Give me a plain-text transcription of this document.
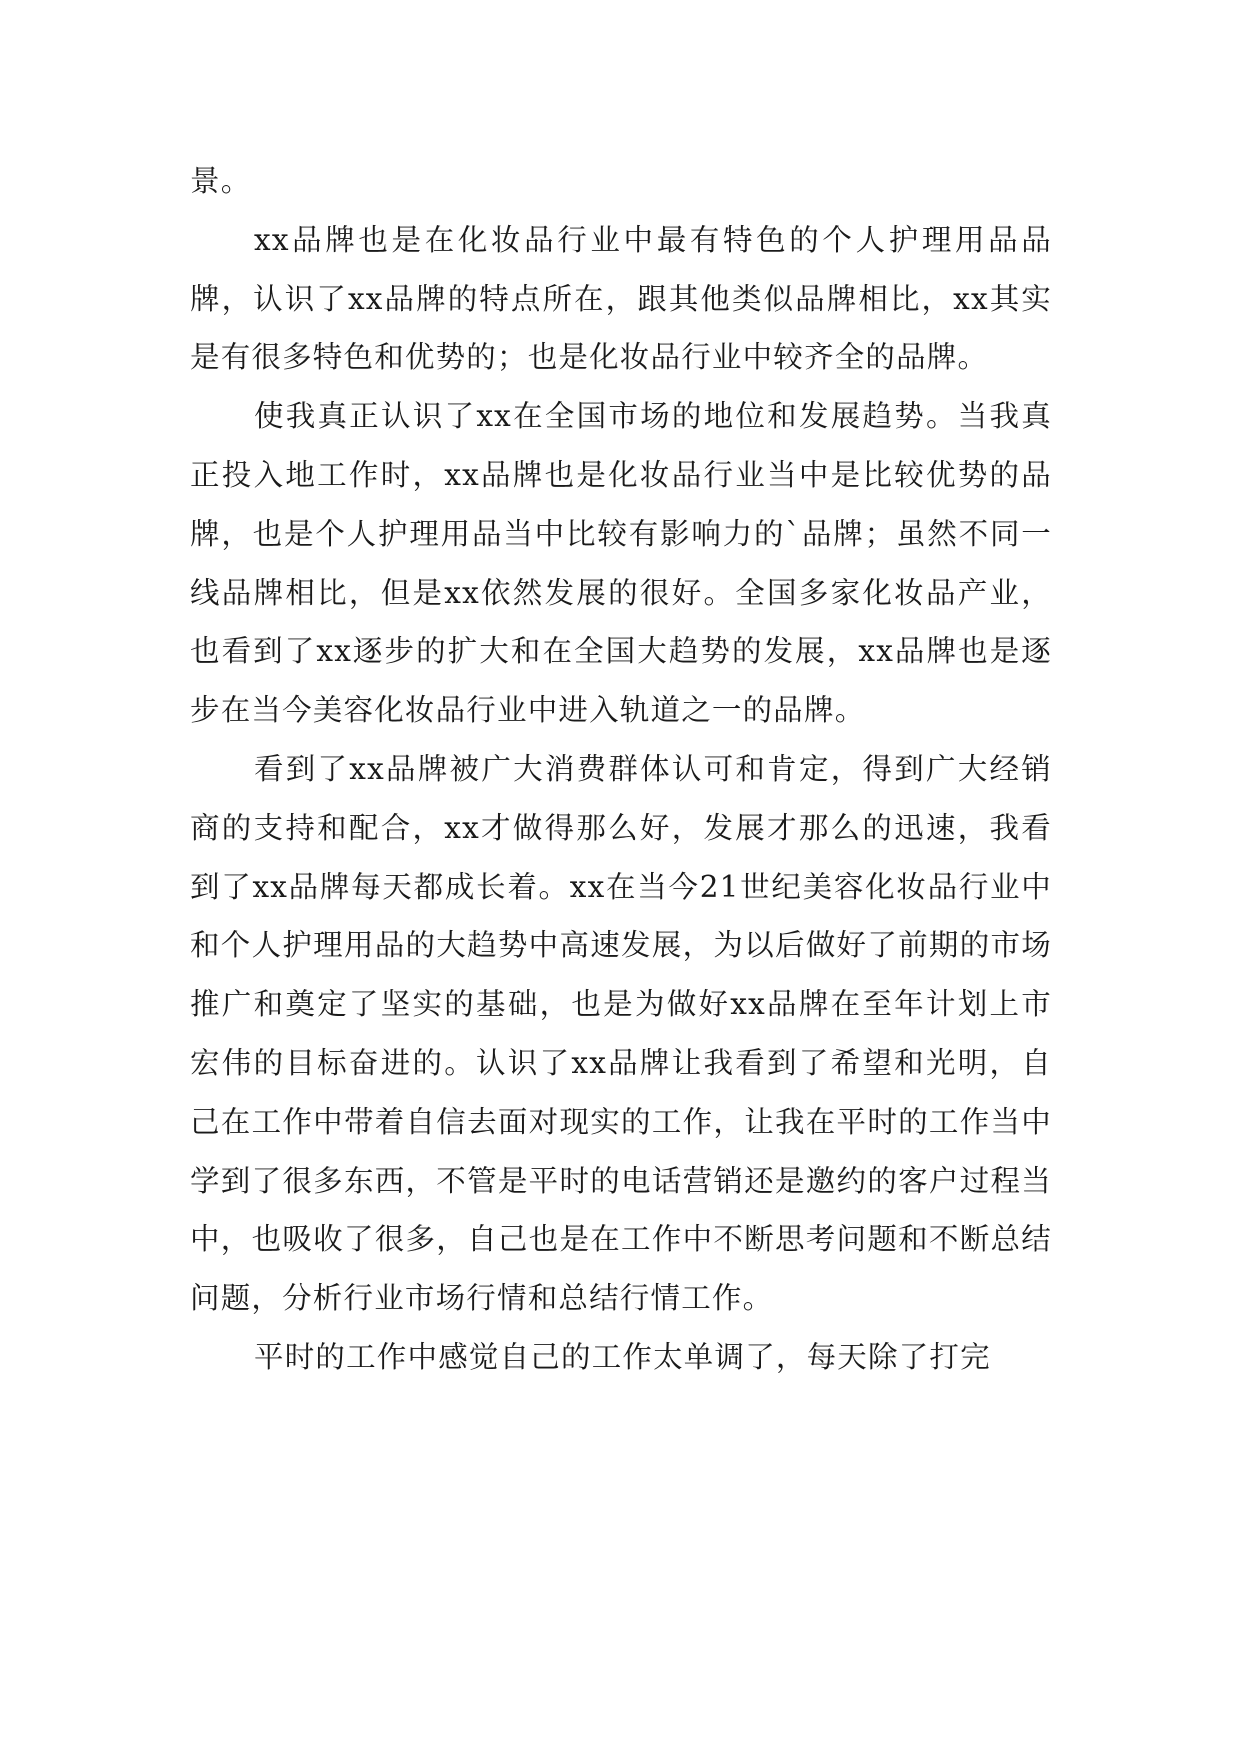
景。

xx品牌也是在化妆品行业中最有特色的个人护理用品品牌，认识了xx品牌的特点所在，跟其他类似品牌相比，xx其实是有很多特色和优势的；也是化妆品行业中较齐全的品牌。

使我真正认识了xx在全国市场的地位和发展趋势。当我真正投入地工作时，xx品牌也是化妆品行业当中是比较优势的品牌，也是个人护理用品当中比较有影响力的`品牌；虽然不同一线品牌相比，但是xx依然发展的很好。全国多家化妆品产业，也看到了xx逐步的扩大和在全国大趋势的发展，xx品牌也是逐步在当今美容化妆品行业中进入轨道之一的品牌。

看到了xx品牌被广大消费群体认可和肯定，得到广大经销商的支持和配合，xx才做得那么好，发展才那么的迅速，我看到了xx品牌每天都成长着。xx在当今21世纪美容化妆品行业中和个人护理用品的大趋势中高速发展，为以后做好了前期的市场推广和奠定了坚实的基础，也是为做好xx品牌在至年计划上市宏伟的目标奋进的。认识了xx品牌让我看到了希望和光明，自己在工作中带着自信去面对现实的工作，让我在平时的工作当中学到了很多东西，不管是平时的电话营销还是邀约的客户过程当中，也吸收了很多，自己也是在工作中不断思考问题和不断总结问题，分析行业市场行情和总结行情工作。

平时的工作中感觉自己的工作太单调了，每天除了打完
